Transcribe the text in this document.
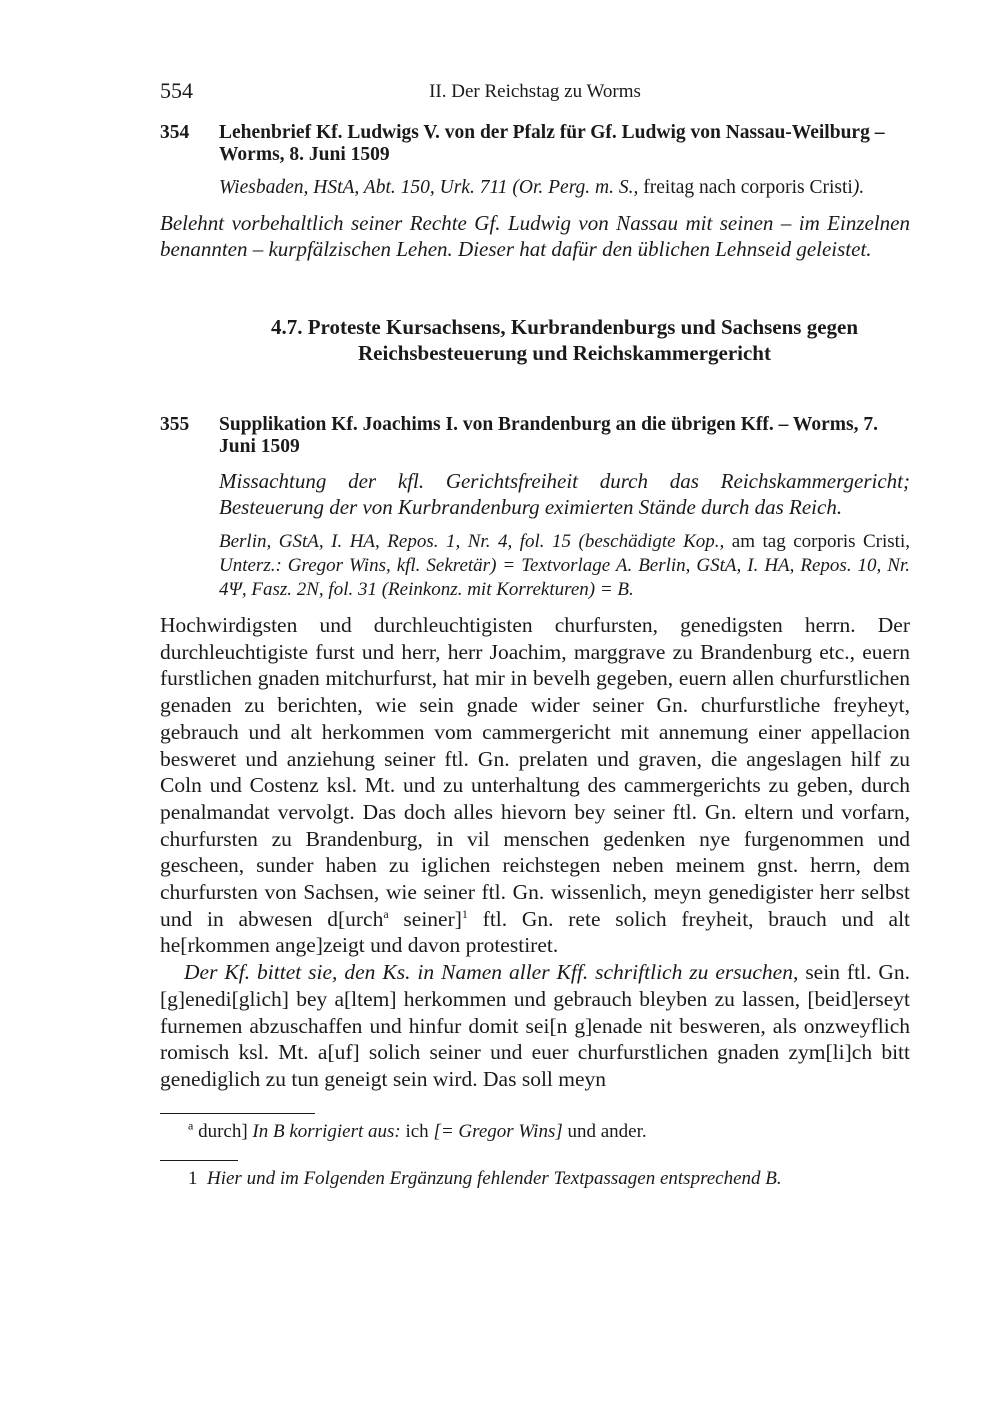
554	II. Der Reichstag zu Worms
354	Lehenbrief Kf. Ludwigs V. von der Pfalz für Gf. Ludwig von Nassau-Weilburg – Worms, 8. Juni 1509
Wiesbaden, HStA, Abt. 150, Urk. 711 (Or. Perg. m. S., freitag nach corporis Cristi).
Belehnt vorbehaltlich seiner Rechte Gf. Ludwig von Nassau mit seinen – im Einzelnen benannten – kurpfälzischen Lehen. Dieser hat dafür den üblichen Lehnseid geleistet.
4.7. Proteste Kursachsens, Kurbrandenburgs und Sachsens gegen
Reichsbesteuerung und Reichskammergericht
355	Supplikation Kf. Joachims I. von Brandenburg an die übrigen Kff. – Worms, 7. Juni 1509
Missachtung der kfl. Gerichtsfreiheit durch das Reichskammergericht; Besteuerung der von Kurbrandenburg eximierten Stände durch das Reich.
Berlin, GStA, I. HA, Repos. 1, Nr. 4, fol. 15 (beschädigte Kop., am tag corporis Cristi, Unterz.: Gregor Wins, kfl. Sekretär) = Textvorlage A. Berlin, GStA, I. HA, Repos. 10, Nr. 4Ψ, Fasz. 2N, fol. 31 (Reinkonz. mit Korrekturen) = B.

Hochwirdigsten und durchleuchtigisten churfursten, genedigsten herrn. Der durchleuchtigiste furst und herr, herr Joachim, marggrave zu Brandenburg etc., euern furstlichen gnaden mitchurfurst, hat mir in bevelh gegeben, euern allen churfurstlichen genaden zu berichten, wie sein gnade wider seiner Gn. churfurstliche freyheyt, gebrauch und alt herkommen vom cammergericht mit annemung einer appellacion besweret und anziehung seiner ftl. Gn. prelaten und graven, die angeslagen hilf zu Coln und Costenz ksl. Mt. und zu unterhaltung des cammergerichts zu geben, durch penalmandat vervolgt. Das doch alles hievorn bey seiner ftl. Gn. eltern und vorfarn, churfursten zu Brandenburg, in vil menschen gedenken nye furgenommen und gescheen, sunder haben zu iglichen reichstegen neben meinem gnst. herrn, dem churfursten von Sachsen, wie seiner ftl. Gn. wissenlich, meyn genedigister herr selbst und in abwesen d[urch$^a$ seiner]$^1$ ftl. Gn. rete solich freyheit, brauch und alt he[rkommen ange]zeigt und davon protestiret.

Der Kf. bittet sie, den Ks. in Namen aller Kff. schriftlich zu ersuchen, sein ftl. Gn. [g]enedi[glich] bey a[ltem] herkommen und gebrauch bleyben zu lassen, [beid]erseyt furnemen abzuschaffen und hinfur domit sei[n g]enade nit besweren, als onzweyflich romisch ksl. Mt. a[uf] solich seiner und euer churfurstlichen gnaden zym[li]ch bitt genediglich zu tun geneigt sein wird. Das soll meyn

$^a$ durch] In B korrigiert aus: ich [= Gregor Wins] und ander.
1 Hier und im Folgenden Ergänzung fehlender Textpassagen entsprechend B.
